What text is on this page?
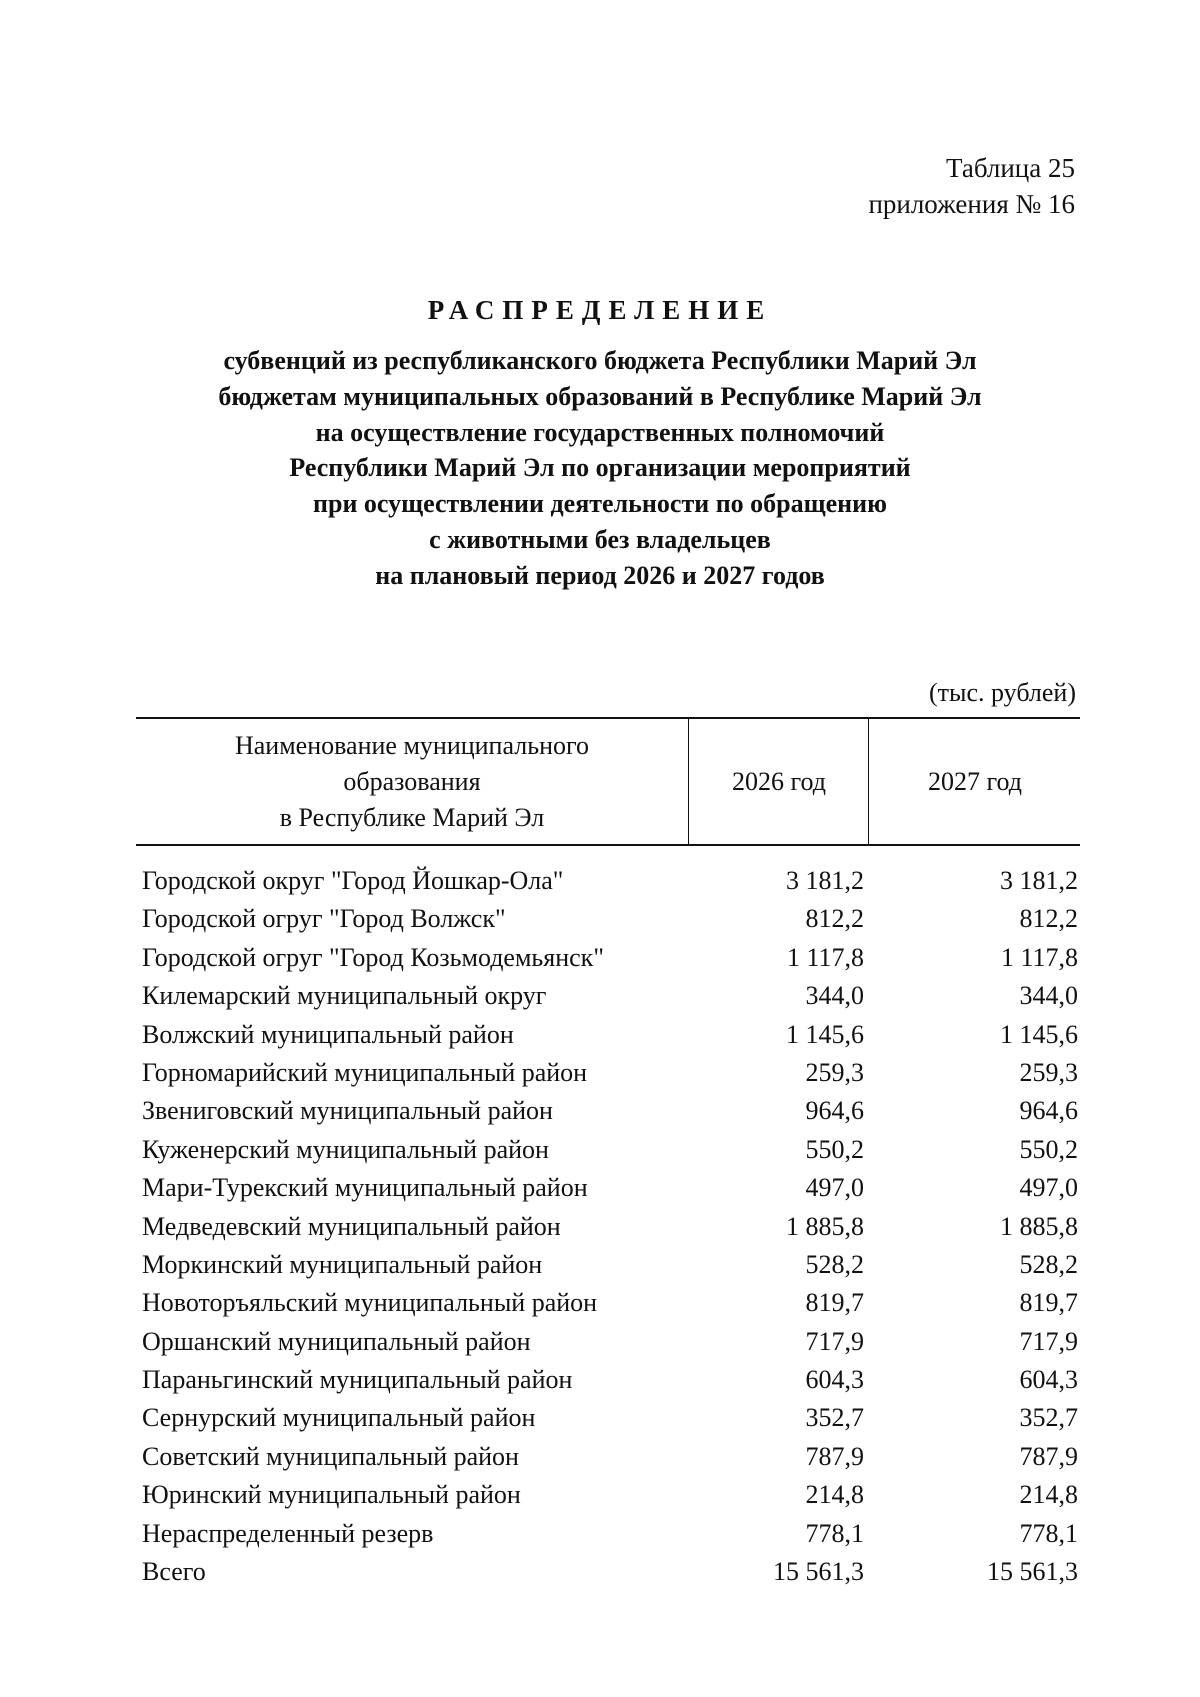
Таблица 25
приложения № 16
РАСПРЕДЕЛЕНИЕ
субвенций из республиканского бюджета Республики Марий Эл
бюджетам муниципальных образований в Республике Марий Эл
на осуществление государственных полномочий
Республики Марий Эл по организации мероприятий
при осуществлении деятельности по обращению
с животными без владельцев
на плановый период 2026 и 2027 годов
(тыс. рублей)
Наименование муниципального
образования
в Республике Марий Эл
2026 год	2027 год
Городской округ "Город Йошкар-Ола"	3 181,2	3 181,2
Городской огруг "Город Волжск"	812,2	812,2
Городской огруг "Город Козьмодемьянск"	1 117,8	1 117,8
Килемарский муниципальный округ	344,0	344,0
Волжский муниципальный район	1 145,6	1 145,6
Горномарийский муниципальный район	259,3	259,3
Звениговский муниципальный район	964,6	964,6
Куженерский муниципальный район	550,2	550,2
Мари-Турекский муниципальный район	497,0	497,0
Медведевский муниципальный район	1 885,8	1 885,8
Моркинский муниципальный район	528,2	528,2
Новоторъяльский муниципальный район	819,7	819,7
Оршанский муниципальный район	717,9	717,9
Параньгинский муниципальный район	604,3	604,3
Сернурский муниципальный район	352,7	352,7
Советский муниципальный район	787,9	787,9
Юринский муниципальный район	214,8	214,8
Нераспределенный резерв	778,1	778,1
Всего	15 561,3	15 561,3
